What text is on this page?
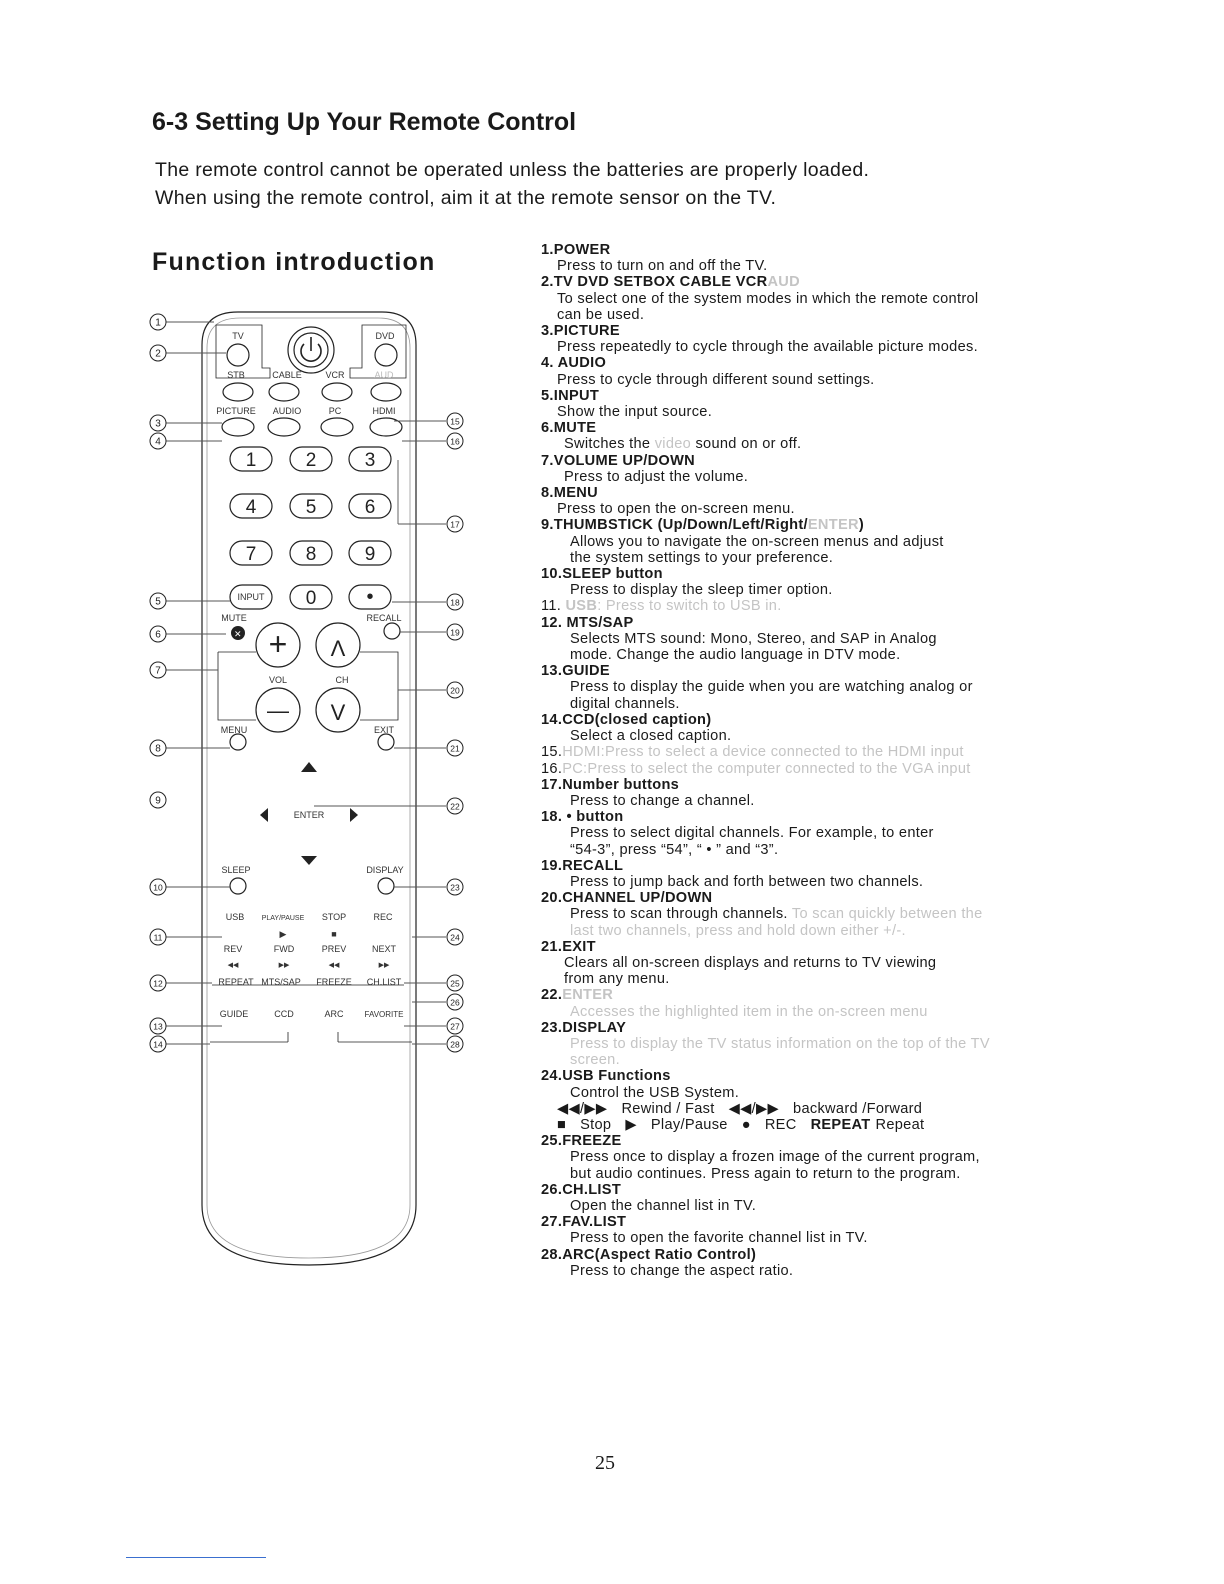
6-3 Setting Up Your Remote Control
The remote control cannot be operated unless the batteries are properly loaded.
When using the remote control, aim it at the remote sensor on the TV.
Function introduction
✕
TV	DVD
STB	CABLE	VCR	AUD
PICTURE AUDIO	PC	HDMI
INPUT
MUTE	RECALL
VOL	CH
MENU	EXIT
ENTER
SLEEP	DISPLAY
USB PLAY/PAUSE STOP	REC
▶	■
REV	FWD	PREV	NEXT
◀◀	▶▶	◀◀	▶▶
REPEAT MTS/SAP FREEZE CH.LIST
GUIDE	CCD	ARC	FAVORITE
1	2	3
4	5	6
7	8	9
0	•
+
—
Λ
V
1
2
3
4
5
6
7
8
9
10
11
12
13
14
15
16
17
18
19
20
21
22
23
24
25
26
27
28
1.POWER
Press to turn on and off the TV.
2.TV DVD SETBOX CABLE VCRAUD
To select one of the system modes in which the remote control
can be used.
3.PICTURE
Press repeatedly to cycle through the available picture modes.
4. AUDIO
Press to cycle through different sound settings.
5.INPUT
Show the input source.
6.MUTE
Switches the video sound on or off.
7.VOLUME UP/DOWN
Press to adjust the volume.
8.MENU
Press to open the on-screen menu.
9.THUMBSTICK (Up/Down/Left/Right/ENTER)
Allows you to navigate the on-screen menus and adjust
the system settings to your preference.
10.SLEEP button
Press to display the sleep timer option.
11. USB: Press to switch to USB in.
12. MTS/SAP
Selects MTS sound: Mono, Stereo, and SAP in Analog
mode. Change the audio language in DTV mode.
13.GUIDE
Press to display the guide when you are watching analog or
digital channels.
14.CCD(closed caption)
Select a closed caption.
15.HDMI:Press to select a device connected to the HDMI input
16.PC:Press to select the computer connected to the VGA input
17.Number buttons
Press to change a channel.
18. • button
Press to select digital channels. For example, to enter
“54-3”, press “54”, “ • ” and “3”.
19.RECALL
Press to jump back and forth between two channels.
20.CHANNEL UP/DOWN
Press to scan through channels. To scan quickly between the
last two channels, press and hold down either +/-.
21.EXIT
Clears all on-screen displays and returns to TV viewing
from any menu.
22.ENTER
Accesses the highlighted item in the on-screen menu
23.DISPLAY
Press to display the TV status information on the top of the TV
screen.
24.USB Functions
Control the USB System.
◀◀/▶▶ Rewind / Fast ◀◀/▶▶ backward /Forward
■ Stop ▶ Play/Pause ● REC REPEAT Repeat
25.FREEZE
Press once to display a frozen image of the current program,
but audio continues. Press again to return to the program.
26.CH.LIST
Open the channel list in TV.
27.FAV.LIST
Press to open the favorite channel list in TV.
28.ARC(Aspect Ratio Control)
Press to change the aspect ratio.
25
